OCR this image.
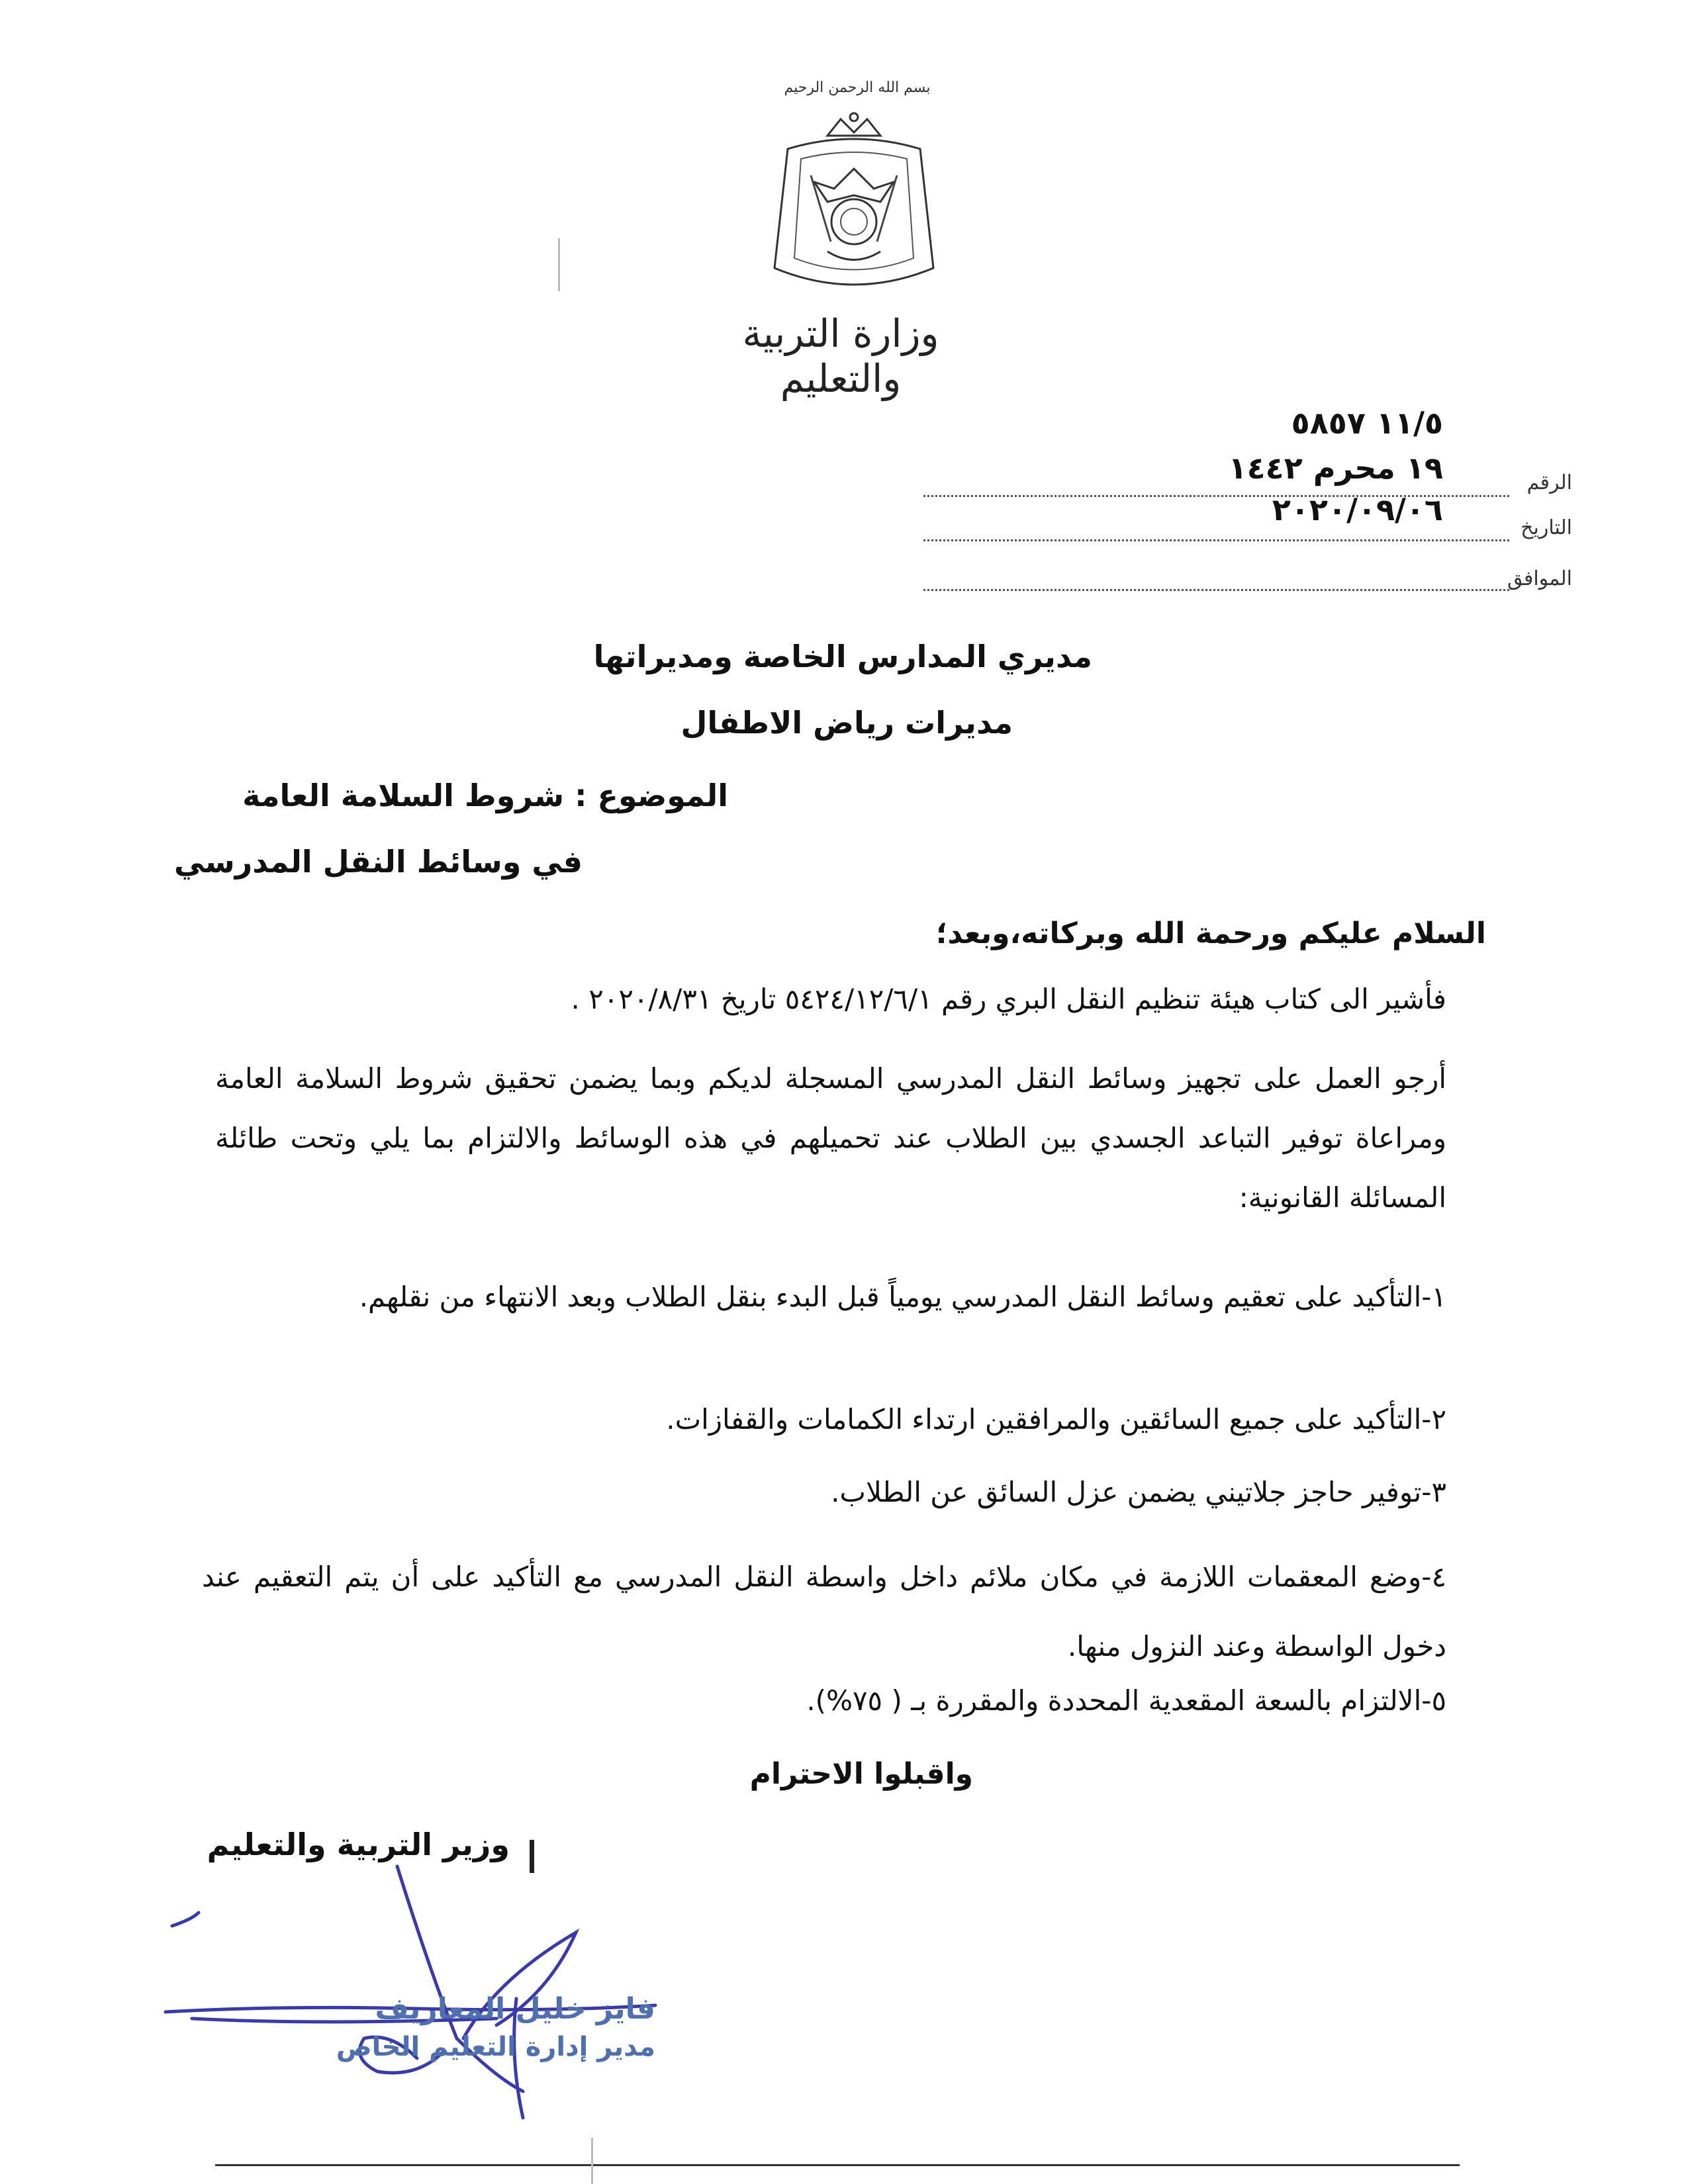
بسم الله الرحمن الرحيم
وزارة التربية والتعليم
١١/٥ ٥٨٥٧
١٩ محرم ١٤٤٢
٢٠٢٠/٠٩/٠٦
الرقم
التاريخ
الموافق
مديري المدارس الخاصة ومديراتها
مديرات رياض الاطفال
الموضوع : شروط السلامة العامة
في وسائط النقل المدرسي
السلام عليكم ورحمة الله وبركاته،وبعد؛
فأشير الى كتاب هيئة تنظيم النقل البري رقم ٥٤٢٤/١٢/٦/١ تاريخ ٢٠٢٠/٨/٣١ .
أرجو العمل على تجهيز وسائط النقل المدرسي المسجلة لديكم وبما يضمن تحقيق شروط السلامة العامة ومراعاة توفير التباعد الجسدي بين الطلاب عند تحميلهم في هذه الوسائط والالتزام بما يلي وتحت طائلة المسائلة القانونية:
١-التأكيد على تعقيم وسائط النقل المدرسي يومياً قبل البدء بنقل الطلاب وبعد الانتهاء من نقلهم.
٢-التأكيد على جميع السائقين والمرافقين ارتداء الكمامات والقفازات.
٣-توفير حاجز جلاتيني يضمن عزل السائق عن الطلاب.
٤-وضع المعقمات اللازمة في مكان ملائم داخل واسطة النقل المدرسي مع التأكيد على أن يتم التعقيم عند دخول الواسطة وعند النزول منها.
٥-الالتزام بالسعة المقعدية المحددة والمقررة بـ ( ٧٥%).
واقبلوا الاحترام
وزير التربية والتعليم
فايز خليل المعاريف
مدير إدارة التعليم الخاص
